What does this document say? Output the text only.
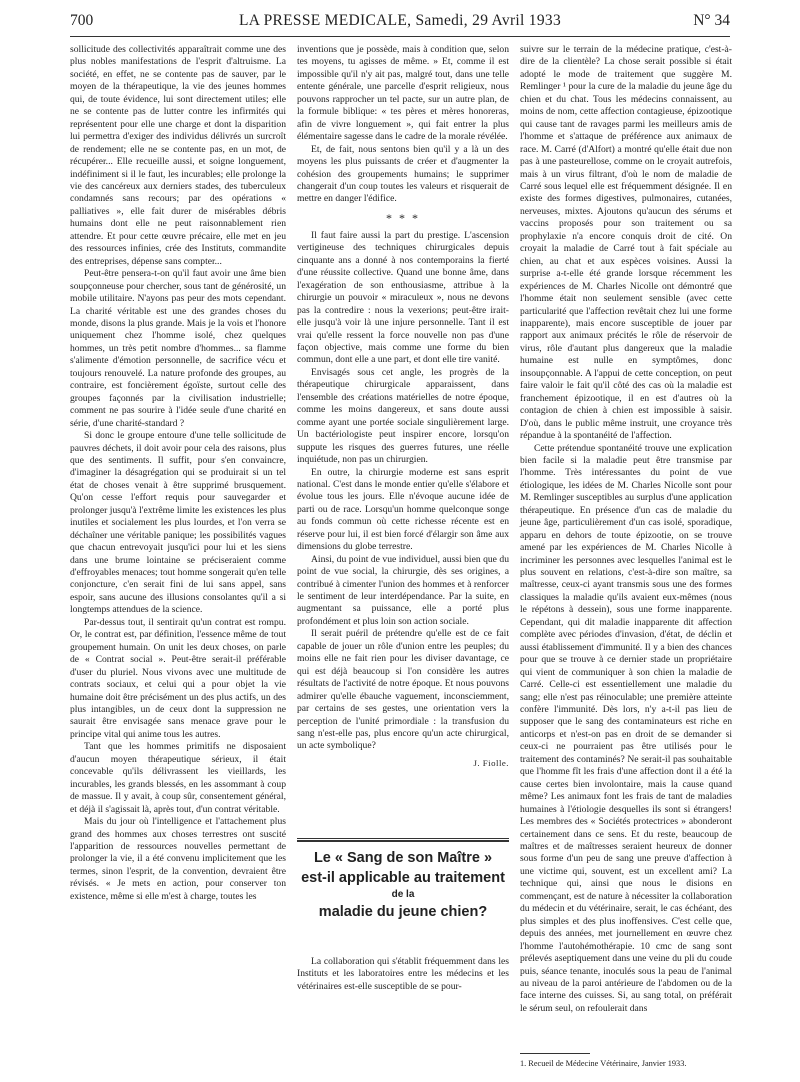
700	LA PRESSE MEDICALE, Samedi, 29 Avril 1933	N° 34

sollicitude des collectivités apparaîtrait comme une des plus nobles manifestations de l'esprit d'altruisme. La société, en effet, ne se contente pas de sauver, par le moyen de la thérapeutique, la vie des jeunes hommes qui, de toute évidence, lui sont directement utiles; elle ne se contente pas de lutter contre les infirmités qui représentent pour elle une charge et dont la disparition lui permettra d'exiger des individus délivrés un surcroît de rendement; elle ne se contente pas, en un mot, de récupérer... Elle recueille aussi, et soigne longuement, indéfiniment si il le faut, les incurables; elle prolonge la vie des cancéreux aux derniers stades, des tuberculeux condamnés sans recours; par des opérations « palliatives », elle fait durer de misérables débris humains dont elle ne peut raisonnablement rien attendre. Et pour cette œuvre précaire, elle met en jeu des ressources infinies, crée des Instituts, commandite des entreprises, dépense sans compter...

Peut-être pensera-t-on qu'il faut avoir une âme bien soupçonneuse pour chercher, sous tant de générosité, un mobile utilitaire. N'ayons pas peur des mots cependant. La charité véritable est une des grandes choses du monde, disons la plus grande. Mais je la vois et l'honore uniquement chez l'homme isolé, chez quelques hommes, un très petit nombre d'hommes... sa flamme s'alimente d'émotion personnelle, de sacrifice vécu et toujours renouvelé. La nature profonde des groupes, au contraire, est foncièrement égoïste, surtout celle des groupes façonnés par la civilisation industrielle; comment ne pas sourire à l'idée seule d'une charité en série, d'une charité-standard ?

Si donc le groupe entoure d'une telle sollicitude de pauvres déchets, il doit avoir pour cela des raisons, plus que des sentiments. Il suffit, pour s'en convaincre, d'imaginer la désagrégation qui se produirait si un tel état de choses venait à être supprimé brusquement. Qu'on cesse l'effort requis pour sauvegarder et prolonger jusqu'à l'extrême limite les existences les plus inutiles et socialement les plus lourdes, et l'on verra se déchaîner une véritable panique; les possibilités vagues que chacun entrevoyait jusqu'ici pour lui et les siens dans une brume lointaine se préciseraient comme d'effroyables menaces; tout homme songerait qu'en telle conjoncture, c'en serait fini de lui sans appel, sans espoir, sans aucune des illusions consolantes qu'il a si longtemps attendues de la science.

Par-dessus tout, il sentirait qu'un contrat est rompu. Or, le contrat est, par définition, l'essence même de tout groupement humain. On unit les deux choses, on parle de « Contrat social ». Peut-être serait-il préférable d'user du pluriel. Nous vivons avec une multitude de contrats sociaux, et celui qui a pour objet la vie humaine doit être précisément un des plus actifs, un des plus intangibles, un de ceux dont la suppression ne saurait être envisagée sans menace grave pour le principe vital qui anime tous les autres.

Tant que les hommes primitifs ne disposaient d'aucun moyen thérapeutique sérieux, il était concevable qu'ils délivrassent les vieillards, les incurables, les grands blessés, en les assommant à coup de massue. Il y avait, à coup sûr, consentement général, et déjà il s'agissait là, après tout, d'un contrat véritable.

Mais du jour où l'intelligence et l'attachement plus grand des hommes aux choses terrestres ont suscité l'apparition de ressources nouvelles permettant de prolonger la vie, il a été convenu implicitement que les termes, sinon l'esprit, de la convention, devraient être révisés. « Je mets en action, pour conserver ton existence, même si elle m'est à charge, toutes les

inventions que je possède, mais à condition que, selon tes moyens, tu agisses de même. » Et, comme il est impossible qu'il n'y ait pas, malgré tout, dans une telle entente générale, une parcelle d'esprit religieux, nous pouvons rapprocher un tel pacte, sur un autre plan, de la formule biblique: « tes pères et mères honoreras, afin de vivre longuement », qui fait entrer la plus élémentaire sagesse dans le cadre de la morale révélée.

Et, de fait, nous sentons bien qu'il y a là un des moyens les plus puissants de créer et d'augmenter la cohésion des groupements humains; le supprimer changerait d'un coup toutes les valeurs et risquerait de mettre en danger l'édifice.

* * *

Il faut faire aussi la part du prestige. L'ascension vertigineuse des techniques chirurgicales depuis cinquante ans a donné à nos contemporains la fierté d'une réussite collective. Quand une bonne âme, dans l'exagération de son enthousiasme, attribue à la chirurgie un pouvoir « miraculeux », nous ne devons pas la contredire : nous la vexerions; peut-être irait-elle jusqu'à voir là une injure personnelle. Tant il est vrai qu'elle ressent la force nouvelle non pas d'une façon objective, mais comme une forme du bien commun, dont elle a une part, et dont elle tire vanité.

Envisagés sous cet angle, les progrès de la thérapeutique chirurgicale apparaissent, dans l'ensemble des créations matérielles de notre époque, comme les moins dangereux, et sans doute aussi comme ayant une portée sociale singulièrement large. Un bactériologiste peut inspirer encore, lorsqu'on suppute les risques des guerres futures, une réelle inquiétude, non pas un chirurgien.

En outre, la chirurgie moderne est sans esprit national. C'est dans le monde entier qu'elle s'élabore et évolue tous les jours. Elle n'évoque aucune idée de parti ou de race. Lorsqu'un homme quelconque songe au fonds commun où cette richesse récente est en réserve pour lui, il est bien forcé d'élargir son âme aux dimensions du globe terrestre.

Ainsi, du point de vue individuel, aussi bien que du point de vue social, la chirurgie, dès ses origines, a contribué à cimenter l'union des hommes et à renforcer le sentiment de leur interdépendance. Par la suite, en augmentant sa puissance, elle a porté plus profondément et plus loin son action sociale.

Il serait puéril de prétendre qu'elle est de ce fait capable de jouer un rôle d'union entre les peuples; du moins elle ne fait rien pour les diviser davantage, ce qui est déjà beaucoup si l'on considère les autres résultats de l'activité de notre époque. Et nous pouvons admirer qu'elle ébauche vaguement, inconsciemment, par certains de ses gestes, une orientation vers la perception de l'unité primordiale : la transfusion du sang n'est-elle pas, plus encore qu'un acte chirurgical, un acte symbolique?

J. Fiolle.
Le « Sang de son Maître »
est-il applicable au traitement
de la
maladie du jeune chien?

La collaboration qui s'établit fréquemment dans les Instituts et les laboratoires entre les médecins et les vétérinaires est-elle susceptible de se pour-

suivre sur le terrain de la médecine pratique, c'est-à-dire de la clientèle? La chose serait possible si était adopté le mode de traitement que suggère M. Remlinger ¹ pour la cure de la maladie du jeune âge du chien et du chat. Tous les médecins connaissent, au moins de nom, cette affection contagieuse, épizootique qui cause tant de ravages parmi les meilleurs amis de l'homme et s'attaque de préférence aux animaux de race. M. Carré (d'Alfort) a montré qu'elle était due non pas à une pasteurellose, comme on le croyait autrefois, mais à un virus filtrant, d'où le nom de maladie de Carré sous lequel elle est fréquemment désignée. Il en existe des formes digestives, pulmonaires, cutanées, nerveuses, mixtes. Ajoutons qu'aucun des sérums et vaccins proposés pour son traitement ou sa prophylaxie n'a encore conquis droit de cité. On croyait la maladie de Carré tout à fait spéciale au chien, au chat et aux espèces voisines. Aussi la surprise a-t-elle été grande lorsque récemment les expériences de M. Charles Nicolle ont démontré que l'homme était non seulement sensible (avec cette particularité que l'affection revêtait chez lui une forme inapparente), mais encore susceptible de jouer par rapport aux animaux précités le rôle de réservoir de virus, rôle d'autant plus dangereux que la maladie humaine est nulle en symptômes, donc insoupçonnable. A l'appui de cette conception, on peut faire valoir le fait qu'il côté des cas où la maladie est franchement épizootique, il en est d'autres où la contagion de chien à chien est impossible à saisir. D'où, dans le public même instruit, une croyance très répandue à la spontanéité de l'affection.

Cette prétendue spontanéité trouve une explication bien facile si la maladie peut être transmise par l'homme. Très intéressantes du point de vue étiologique, les idées de M. Charles Nicolle sont pour M. Remlinger susceptibles au surplus d'une application thérapeutique. En présence d'un cas de maladie du jeune âge, particulièrement d'un cas isolé, sporadique, apparu en dehors de toute épizootie, on se trouve amené par les expériences de M. Charles Nicolle à incriminer les personnes avec lesquelles l'animal est le plus souvent en relations, c'est-à-dire son maître, sa maîtresse, ceux-ci ayant transmis sous une des formes classiques la maladie qu'ils avaient eux-mêmes (nous le répétons à dessein), sous une forme inapparente. Cependant, qui dit maladie inapparente dit affection complète avec périodes d'invasion, d'état, de déclin et aussi établissement d'immunité. Il y a bien des chances pour que se trouve à ce dernier stade un propriétaire qui vient de communiquer à son chien la maladie de Carré. Celle-ci est essentiellement une maladie du sang; elle n'est pas réinoculable; une première atteinte confère l'immunité. Dès lors, n'y a-t-il pas lieu de supposer que le sang des contaminateurs est riche en anticorps et n'est-on pas en droit de se demander si ceux-ci ne pourraient pas être utilisés pour le traitement des contaminés? Ne serait-il pas souhaitable que l'homme fît les frais d'une affection dont il a été la cause certes bien involontaire, mais la cause quand même? Les animaux font les frais de tant de maladies humaines à l'étiologie desquelles ils sont si étrangers! Les membres des « Sociétés protectrices » abonderont certainement dans ce sens. Et du reste, beaucoup de maîtres et de maîtresses seraient heureux de donner sous forme d'un peu de sang une preuve d'affection à une victime qui, souvent, est un excellent ami? La technique qui, ainsi que nous le disions en commençant, est de nature à nécessiter la collaboration du médecin et du vétérinaire, serait, le cas échéant, des plus simples et des plus inoffensives. C'est celle que, depuis des années, met journellement en œuvre chez l'homme l'autohémothérapie. 10 cmc de sang sont prélevés aseptiquement dans une veine du pli du coude puis, séance tenante, inoculés sous la peau de l'animal au niveau de la paroi antérieure de l'abdomen ou de la face interne des cuisses. Si, au sang total, on préférait le sérum seul, on refoulerait dans

1. Recueil de Médecine Vétérinaire, Janvier 1933.
